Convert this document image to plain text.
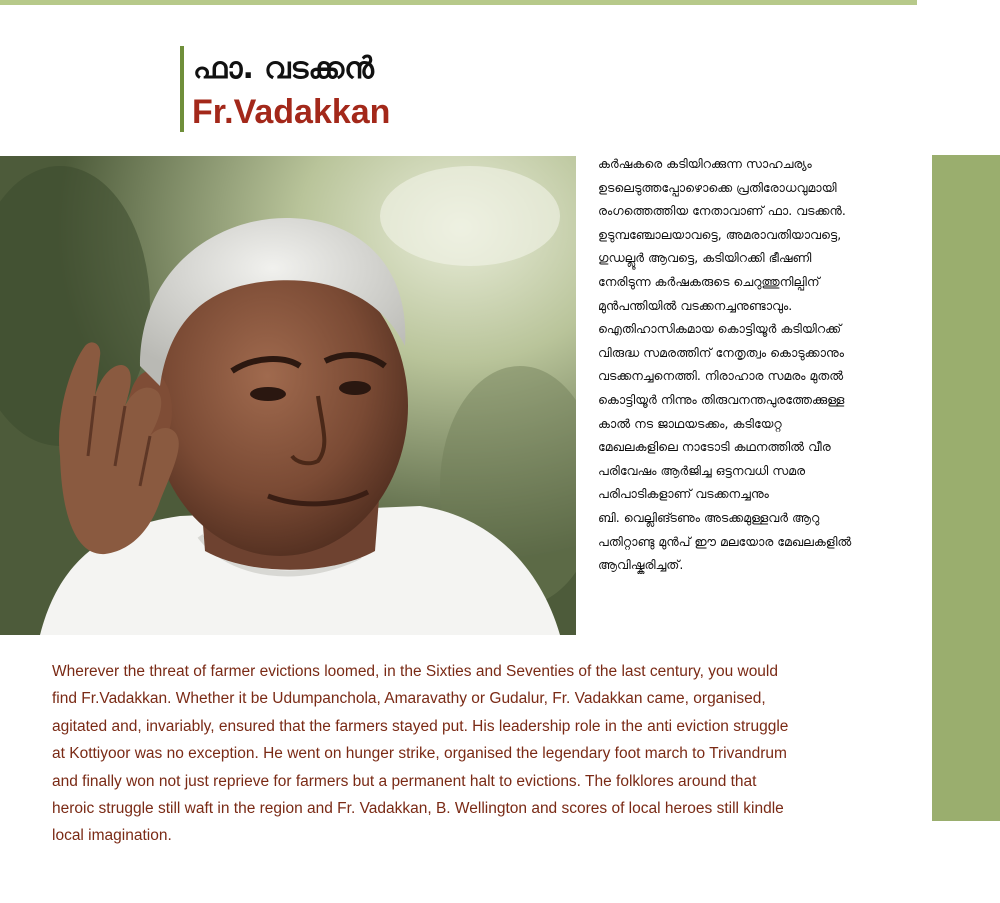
ഫാ. വടക്കൻ
Fr.Vadakkan
കർഷകരെ കടിയിറക്കുന്ന സാഹചര്യം
ഉടലെടുത്തപ്പോഴൊക്കെ പ്രതിരോധവുമായി
രംഗത്തെത്തിയ നേതാവാണ് ഫാ. വടക്കൻ.
ഉടുമ്പഞ്ചോലയാവട്ടെ, അമരാവതിയാവട്ടെ,
ഗുഡല്ലൂർ ആവട്ടെ, കടിയിറക്കി ഭീഷണി
നേരിടുന്ന കർഷകരുടെ ചെറുത്തുനില്പിന്
മുൻപന്തിയിൽ വടക്കനച്ചനുണ്ടാവും.
ഐതിഹാസികമായ കൊട്ടിയൂർ കടിയിറക്ക്
വിരുദ്ധ സമരത്തിന് നേതൃത്വം കൊടുക്കാനും
വടക്കനച്ചനെത്തി. നിരാഹാര സമരം മുതൽ
കൊട്ടിയൂർ നിന്നും തിരുവനന്തപുരത്തേക്കുള്ള
കാൽ നട ജാഥയടക്കം, കടിയേറ്റ
മേഖലകളിലെ നാടോടി കഥനത്തിൽ വീര
പരിവേഷം ആർജിച്ച ഒട്ടനവധി സമര
പരിപാടികളാണ് വടക്കനച്ചനും
ബി. വെല്ലിങ്ടണും അടക്കമുള്ളവർ ആറു
പതിറ്റാണ്ടു മുൻപ് ഈ മലയോര മേഖലകളിൽ
ആവിഷ്കരിച്ചത്.
Wherever the threat of farmer evictions loomed, in the Sixties and Seventies of the last century, you would
find Fr.Vadakkan. Whether it be Udumpanchola, Amaravathy or Gudalur, Fr. Vadakkan came, organised,
agitated and, invariably, ensured that the farmers stayed put. His leadership role in the anti eviction struggle
at Kottiyoor was no exception. He went on hunger strike, organised the legendary foot march to Trivandrum
and finally won not just reprieve for farmers but a permanent halt to evictions. The folklores around that
heroic struggle still waft in the region and Fr. Vadakkan, B. Wellington and scores of local heroes still kindle
local imagination.
